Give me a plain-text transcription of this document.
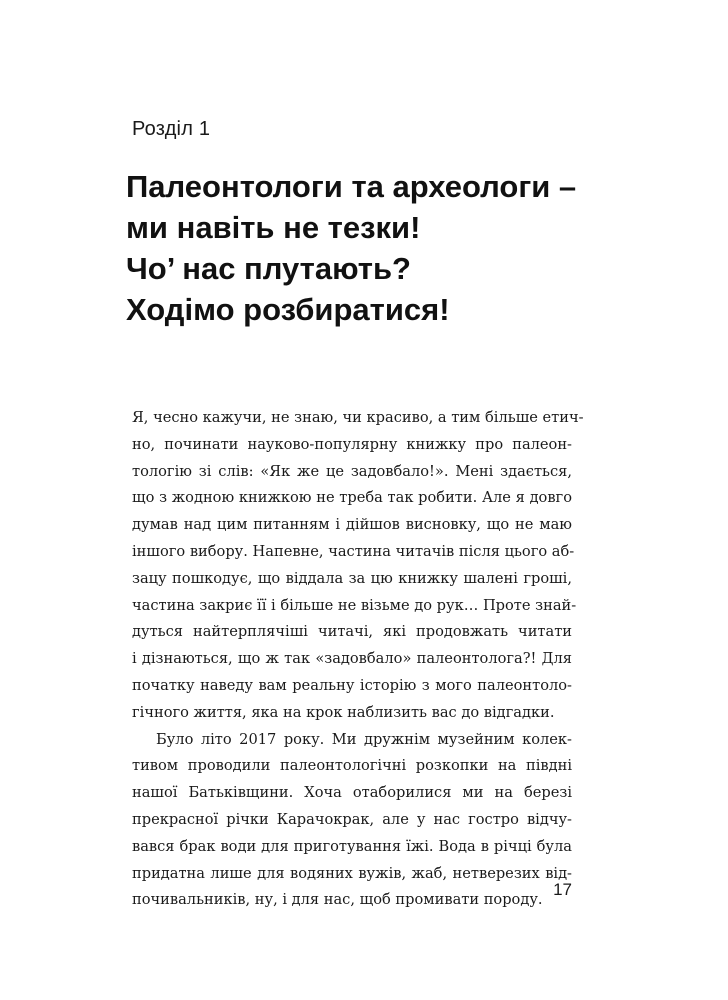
Розділ 1
Палеонтологи та археологи –
ми навіть не тезки!
Чо’ нас плутають?
Ходімо розбиратися!
Я, чесно кажучи, не знаю, чи красиво, а тим більше етич-
но, починати науково-популярну книжку про палеон-
тологію зі слів: «Як же це задовбало!». Мені здається,
що з жодною книжкою не треба так робити. Але я довго
думав над цим питанням і дійшов висновку, що не маю
іншого вибору. Напевне, частина читачів після цього аб-
зацу пошкодує, що віддала за цю книжку шалені гроші,
частина закриє її і більше не візьме до рук… Проте знай-
дуться найтерплячіші читачі, які продовжать читати
і дізнаються, що ж так «задовбало» палеонтолога?! Для
початку наведу вам реальну історію з мого палеонтоло-
гічного життя, яка на крок наблизить вас до відгадки.
Було літо 2017 року. Ми дружнім музейним колек-
тивом проводили палеонтологічні розкопки на півдні
нашої Батьківщини. Хоча отаборилися ми на березі
прекрасної річки Карачокрак, але у нас гостро відчу-
вався брак води для приготування їжі. Вода в річці була
придатна лише для водяних вужів, жаб, нетверезих від-
почивальників, ну, і для нас, щоб промивати породу.
17
